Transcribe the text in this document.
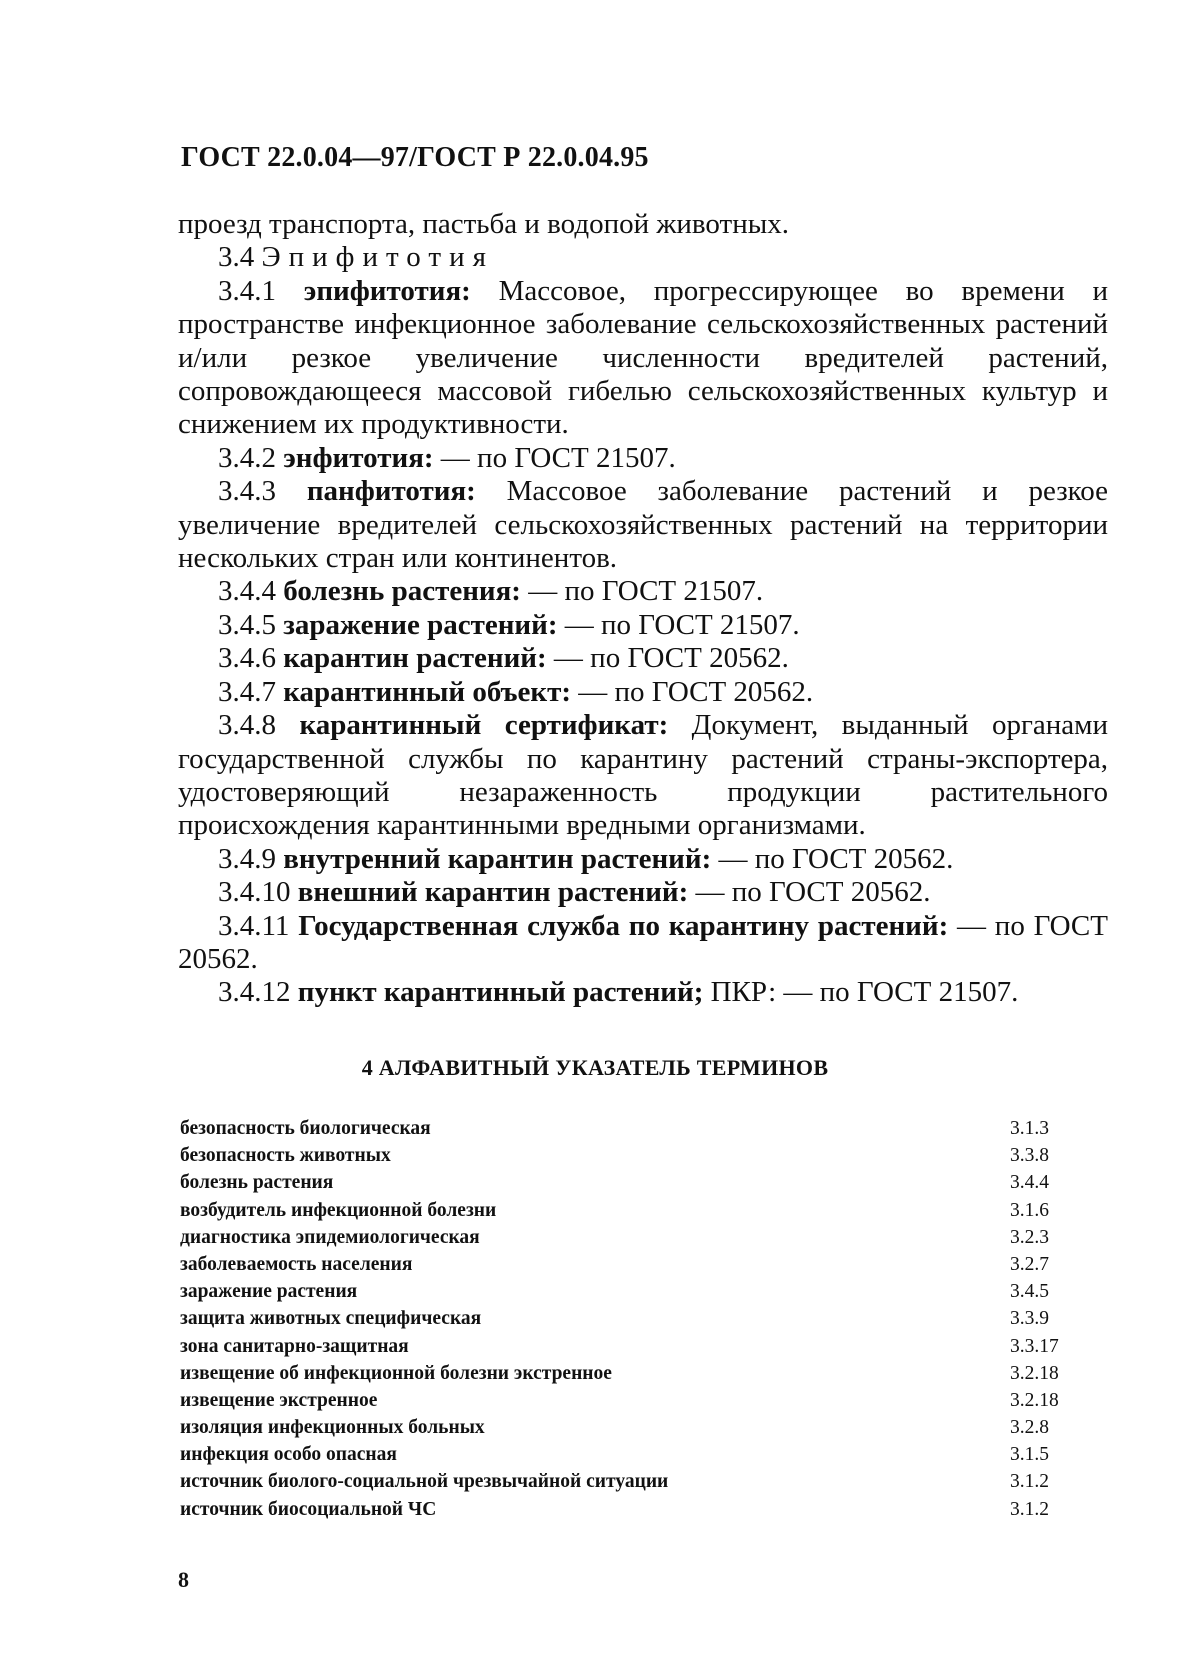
ГОСТ 22.0.04—97/ГОСТ Р 22.0.04.95

проезд транспорта, пастьба и водопой животных.

3.4 Эпифитотия

3.4.1 эпифитотия: Массовое, прогрессирующее во времени и пространстве инфекционное заболевание сельскохозяйственных растений и/или резкое увеличение численности вредителей растений, сопровождающееся массовой гибелью сельскохозяйственных культур и снижением их продуктивности.

3.4.2 энфитотия: — по ГОСТ 21507.

3.4.3 панфитотия: Массовое заболевание растений и резкое увеличение вредителей сельскохозяйственных растений на территории нескольких стран или континентов.

3.4.4 болезнь растения: — по ГОСТ 21507.

3.4.5 заражение растений: — по ГОСТ 21507.

3.4.6 карантин растений: — по ГОСТ 20562.

3.4.7 карантинный объект: — по ГОСТ 20562.

3.4.8 карантинный сертификат: Документ, выданный органами государственной службы по карантину растений страны-экспортера, удостоверяющий незараженность продукции растительного происхождения карантинными вредными организмами.

3.4.9 внутренний карантин растений: — по ГОСТ 20562.

3.4.10 внешний карантин растений: — по ГОСТ 20562.

3.4.11 Государственная служба по карантину растений: — по ГОСТ 20562.

3.4.12 пункт карантинный растений; ПКР: — по ГОСТ 21507.

4 АЛФАВИТНЫЙ УКАЗАТЕЛЬ ТЕРМИНОВ
безопасность биологическая	3.1.3
безопасность животных	3.3.8
болезнь растения	3.4.4
возбудитель инфекционной болезни	3.1.6
диагностика эпидемиологическая	3.2.3
заболеваемость населения	3.2.7
заражение растения	3.4.5
защита животных специфическая	3.3.9
зона санитарно-защитная	3.3.17
извещение об инфекционной болезни экстренное	3.2.18
извещение экстренное	3.2.18
изоляция инфекционных больных	3.2.8
инфекция особо опасная	3.1.5
источник биолого-социальной чрезвычайной ситуации	3.1.2
источник биосоциальной ЧС	3.1.2
8
